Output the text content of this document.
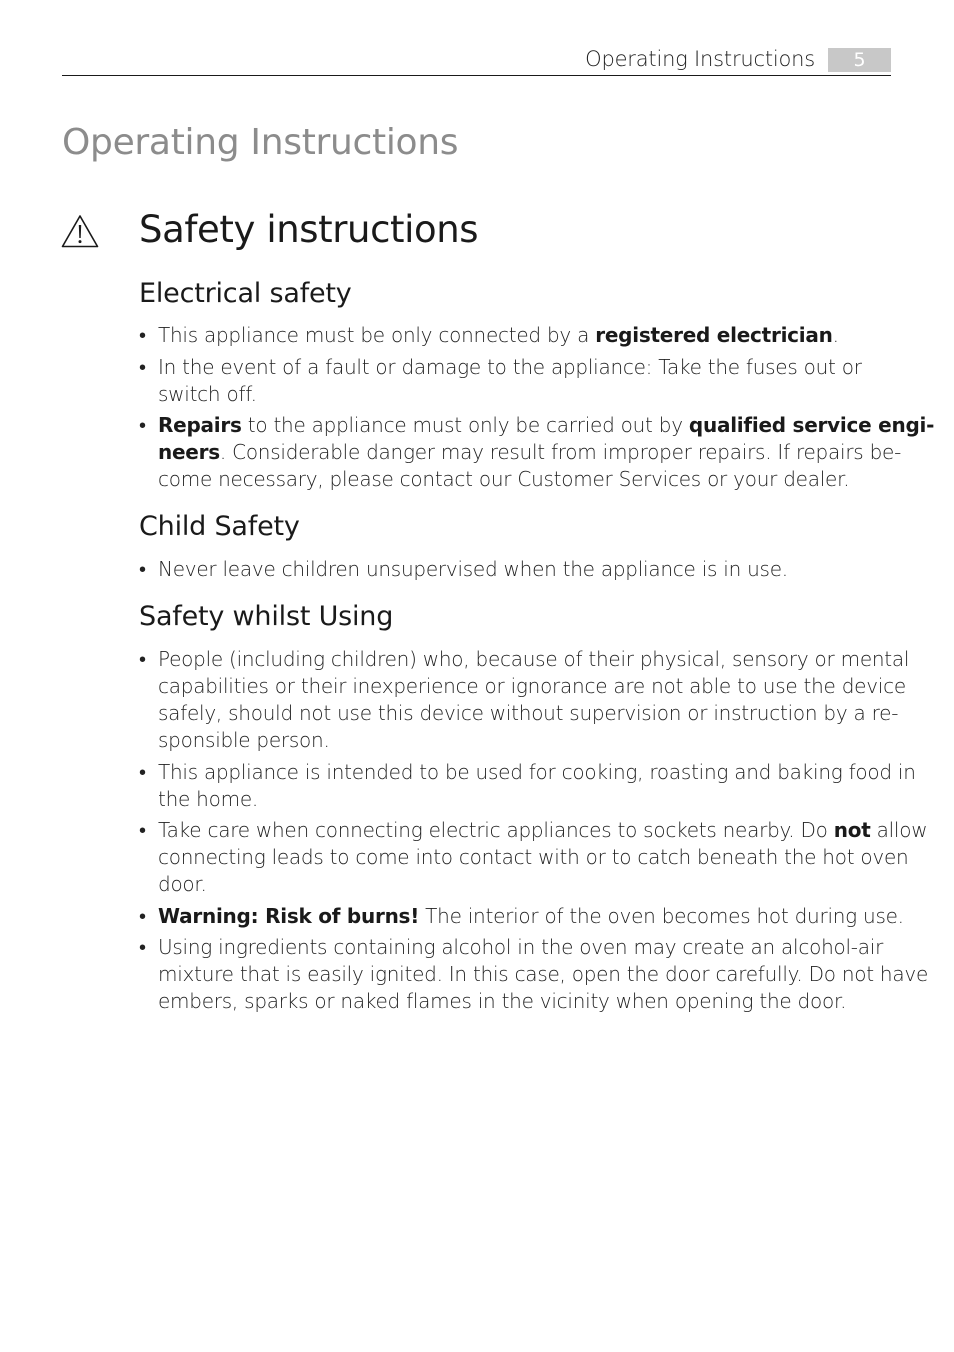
Operating Instructions	5
Operating Instructions
Safety instructions
Electrical safety
• This appliance must be only connected by a registered electrician.
• In the event of a fault or damage to the appliance: Take the fuses out or
switch off.
• Repairs to the appliance must only be carried out by qualified service engi-
neers. Considerable danger may result from improper repairs. If repairs be-
come necessary, please contact our Customer Services or your dealer.
Child Safety
• Never leave children unsupervised when the appliance is in use.
Safety whilst Using
• People (including children) who, because of their physical, sensory or mental
capabilities or their inexperience or ignorance are not able to use the device
safely, should not use this device without supervision or instruction by a re-
sponsible person.
• This appliance is intended to be used for cooking, roasting and baking food in
the home.
• Take care when connecting electric appliances to sockets nearby. Do not allow
connecting leads to come into contact with or to catch beneath the hot oven
door.
• Warning: Risk of burns! The interior of the oven becomes hot during use.
• Using ingredients containing alcohol in the oven may create an alcohol-air
mixture that is easily ignited. In this case, open the door carefully. Do not have
embers, sparks or naked flames in the vicinity when opening the door.
